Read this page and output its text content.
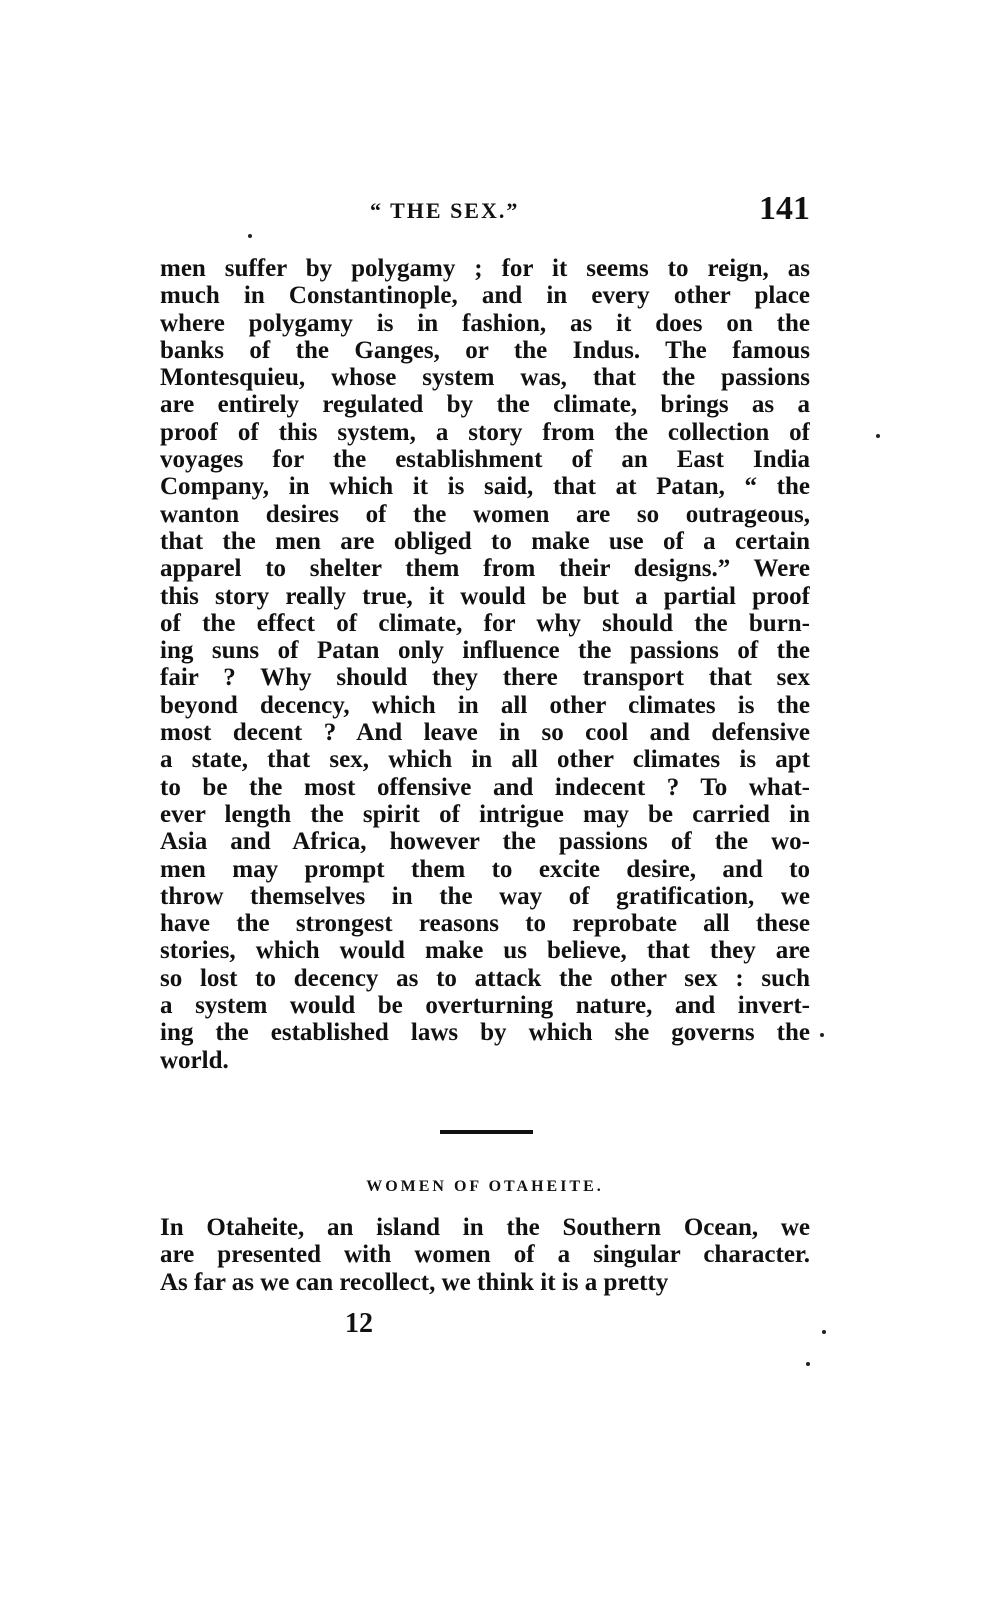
“ THE SEX.”	141
men suffer by polygamy ; for it seems to reign, as
much in Constantinople, and in every other place
where polygamy is in fashion, as it does on the
banks of the Ganges, or the Indus. The famous
Montesquieu, whose system was, that the passions
are entirely regulated by the climate, brings as a
proof of this system, a story from the collection of
voyages for the establishment of an East India
Company, in which it is said, that at Patan, “ the
wanton desires of the women are so outrageous,
that the men are obliged to make use of a certain
apparel to shelter them from their designs.” Were
this story really true, it would be but a partial proof
of the effect of climate, for why should the burn-
ing suns of Patan only influence the passions of the
fair ? Why should they there transport that sex
beyond decency, which in all other climates is the
most decent ? And leave in so cool and defensive
a state, that sex, which in all other climates is apt
to be the most offensive and indecent ? To what-
ever length the spirit of intrigue may be carried in
Asia and Africa, however the passions of the wo-
men may prompt them to excite desire, and to
throw themselves in the way of gratification, we
have the strongest reasons to reprobate all these
stories, which would make us believe, that they are
so lost to decency as to attack the other sex : such
a system would be overturning nature, and invert-
ing the established laws by which she governs the
world.
WOMEN OF OTAHEITE.
In Otaheite, an island in the Southern Ocean, we
are presented with women of a singular character.
As far as we can recollect, we think it is a pretty
12
